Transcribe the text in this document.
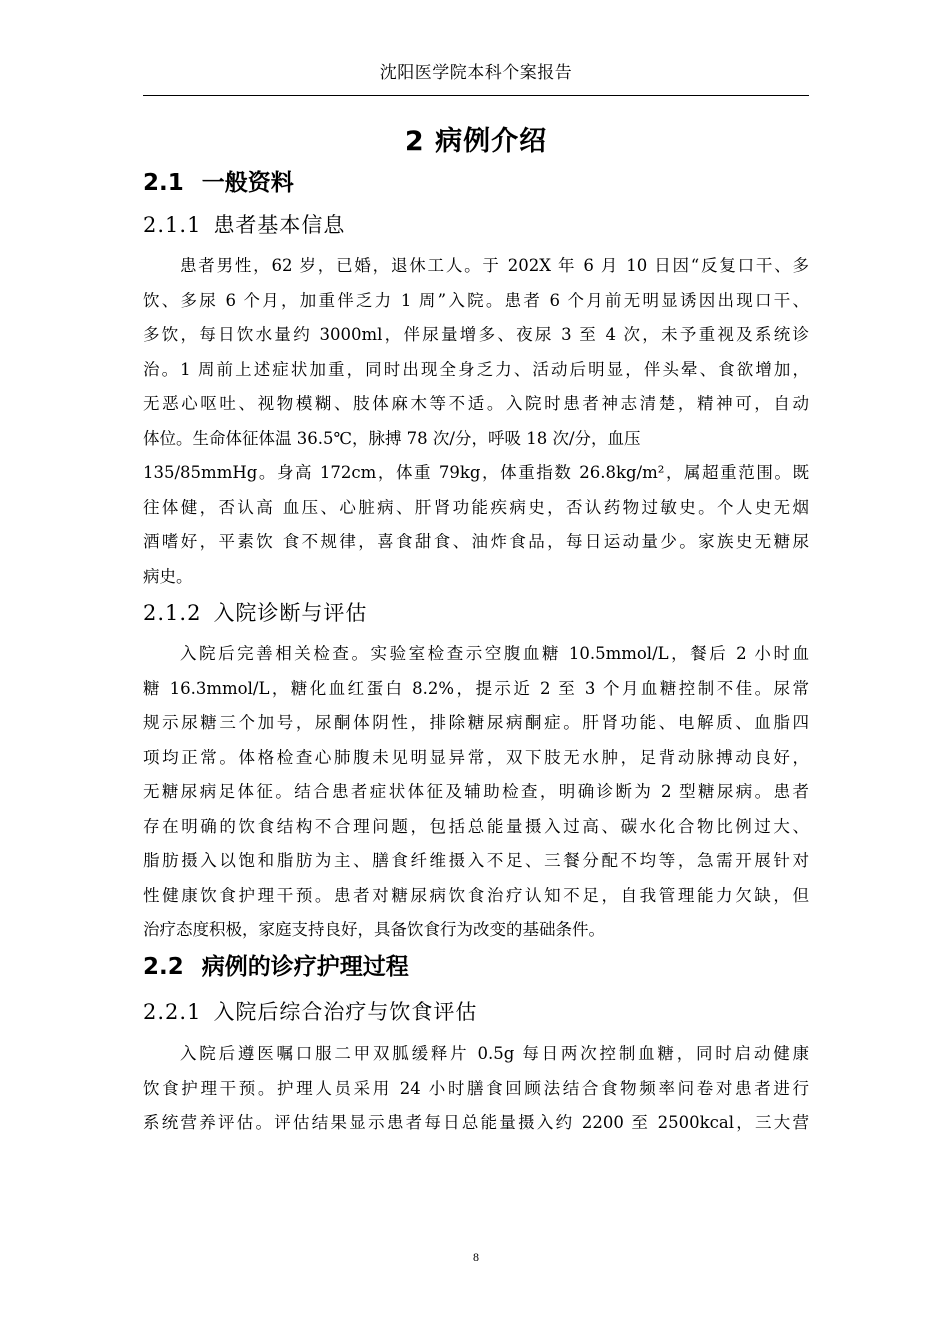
沈阳医学院本科个案报告
2 病例介绍
2.1 一般资料
2.1.1 患者基本信息
患者男性，62 岁，已婚，退休工人。于 202X 年 6 月 10 日因“反复口干、多
饮、多尿 6 个月，加重伴乏力 1 周”入院。患者 6 个月前无明显诱因出现口干、
多饮，每日饮水量约 3000ml，伴尿量增多、夜尿 3 至 4 次，未予重视及系统诊
治。1 周前上述症状加重，同时出现全身乏力、活动后明显，伴头晕、食欲增加，
无恶心呕吐、视物模糊、肢体麻木等不适。入院时患者神志清楚，精神可，自动
体位。生命体征体温 36.5℃，脉搏 78 次/分，呼吸 18 次/分，血压
135/85mmHg。身高 172cm，体重 79kg，体重指数 26.8kg/m²，属超重范围。既
往体健，否认高 血压、心脏病、肝肾功能疾病史，否认药物过敏史。个人史无烟
酒嗜好，平素饮 食不规律，喜食甜食、油炸食品，每日运动量少。家族史无糖尿
病史。
2.1.2 入院诊断与评估
入院后完善相关检查。实验室检查示空腹血糖 10.5mmol/L，餐后 2 小时血
糖 16.3mmol/L，糖化血红蛋白 8.2%，提示近 2 至 3 个月血糖控制不佳。尿常
规示尿糖三个加号，尿酮体阴性，排除糖尿病酮症。肝肾功能、电解质、血脂四
项均正常。体格检查心肺腹未见明显异常，双下肢无水肿，足背动脉搏动良好，
无糖尿病足体征。结合患者症状体征及辅助检查，明确诊断为 2 型糖尿病。患者
存在明确的饮食结构不合理问题，包括总能量摄入过高、碳水化合物比例过大、
脂肪摄入以饱和脂肪为主、膳食纤维摄入不足、三餐分配不均等，急需开展针对
性健康饮食护理干预。患者对糖尿病饮食治疗认知不足，自我管理能力欠缺，但
治疗态度积极，家庭支持良好，具备饮食行为改变的基础条件。
2.2 病例的诊疗护理过程
2.2.1 入院后综合治疗与饮食评估
入院后遵医嘱口服二甲双胍缓释片 0.5g 每日两次控制血糖，同时启动健康
饮食护理干预。护理人员采用 24 小时膳食回顾法结合食物频率问卷对患者进行
系统营养评估。评估结果显示患者每日总能量摄入约 2200 至 2500kcal，三大营
8
